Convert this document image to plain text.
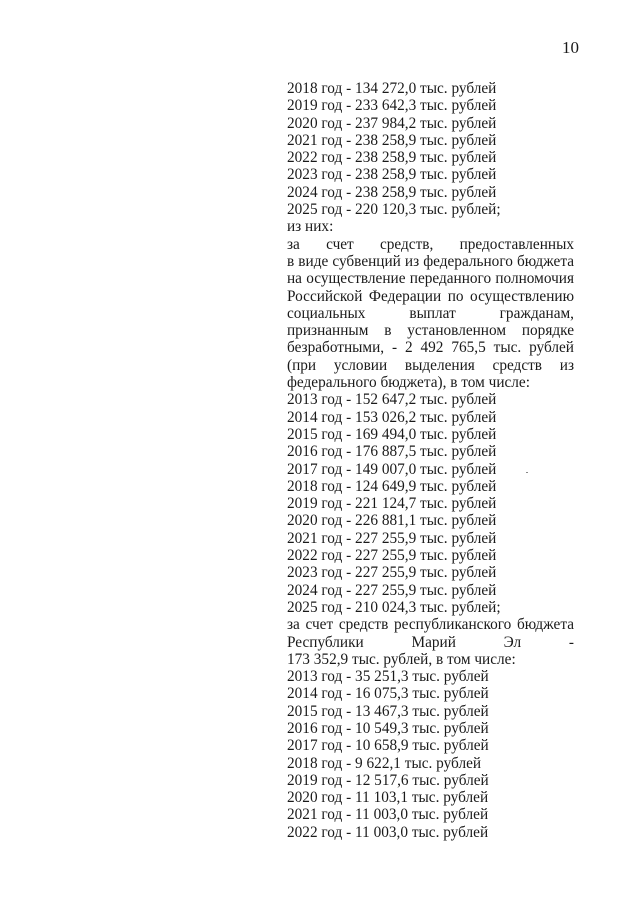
10
2018 год - 134 272,0 тыс. рублей
2019 год - 233 642,3 тыс. рублей
2020 год - 237 984,2 тыс. рублей
2021 год - 238 258,9 тыс. рублей
2022 год - 238 258,9 тыс. рублей
2023 год - 238 258,9 тыс. рублей
2024 год - 238 258,9 тыс. рублей
2025 год - 220 120,3 тыс. рублей;
из них:
за счет средств, предоставленных
в виде субвенций из федерального бюджета
на осуществление переданного полномочия
Российской Федерации по осуществлению
социальных выплат гражданам,
признанным в установленном порядке
безработными, - 2 492 765,5 тыс. рублей
(при условии выделения средств из
федерального бюджета), в том числе:
2013 год - 152 647,2 тыс. рублей
2014 год - 153 026,2 тыс. рублей
2015 год - 169 494,0 тыс. рублей
2016 год - 176 887,5 тыс. рублей
2017 год - 149 007,0 тыс. рублей
2018 год - 124 649,9 тыс. рублей
2019 год - 221 124,7 тыс. рублей
2020 год - 226 881,1 тыс. рублей
2021 год - 227 255,9 тыс. рублей
2022 год - 227 255,9 тыс. рублей
2023 год - 227 255,9 тыс. рублей
2024 год - 227 255,9 тыс. рублей
2025 год - 210 024,3 тыс. рублей;
за счет средств республиканского бюджета
Республики Марий Эл -
173 352,9 тыс. рублей, в том числе:
2013 год - 35 251,3 тыс. рублей
2014 год - 16 075,3 тыс. рублей
2015 год - 13 467,3 тыс. рублей
2016 год - 10 549,3 тыс. рублей
2017 год - 10 658,9 тыс. рублей
2018 год - 9 622,1 тыс. рублей
2019 год - 12 517,6 тыс. рублей
2020 год - 11 103,1 тыс. рублей
2021 год - 11 003,0 тыс. рублей
2022 год - 11 003,0 тыс. рублей
